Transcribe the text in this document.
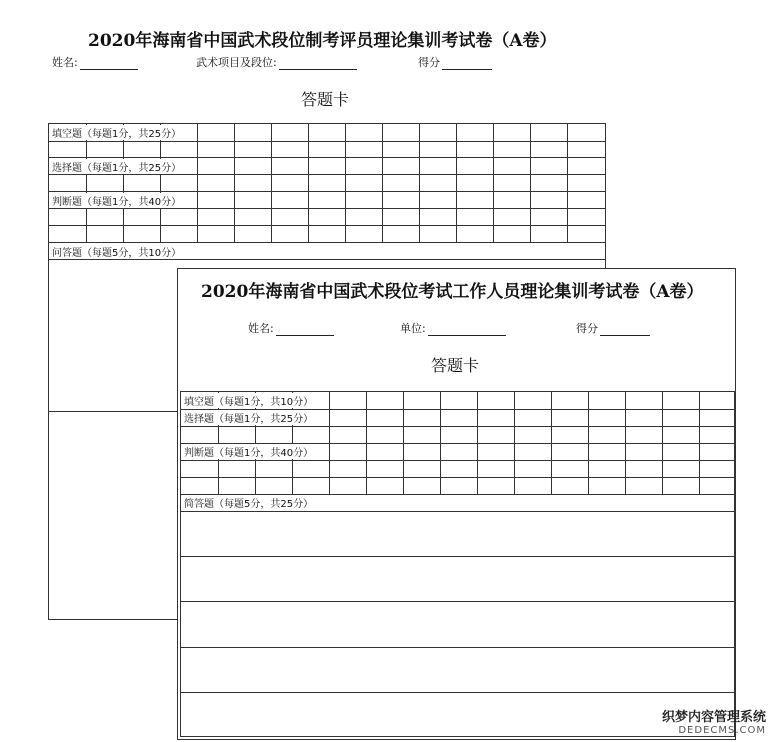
2020年海南省中国武术段位制考评员理论集训考试卷（A卷）
姓名:	武术项目及段位:	得分
答题卡
填空题（每题1分，共25分）
选择题（每题1分，共25分）
判断题（每题1分，共40分）
问答题（每题5分，共10分）
2020年海南省中国武术段位考试工作人员理论集训考试卷（A卷）
姓名:	单位:	得分
答题卡
填空题（每题1分，共10分）
选择题（每题1分，共25分）
判断题（每题1分，共40分）
简答题（每题5分，共25分）
织梦内容管理系统
DEDECMS.COM
